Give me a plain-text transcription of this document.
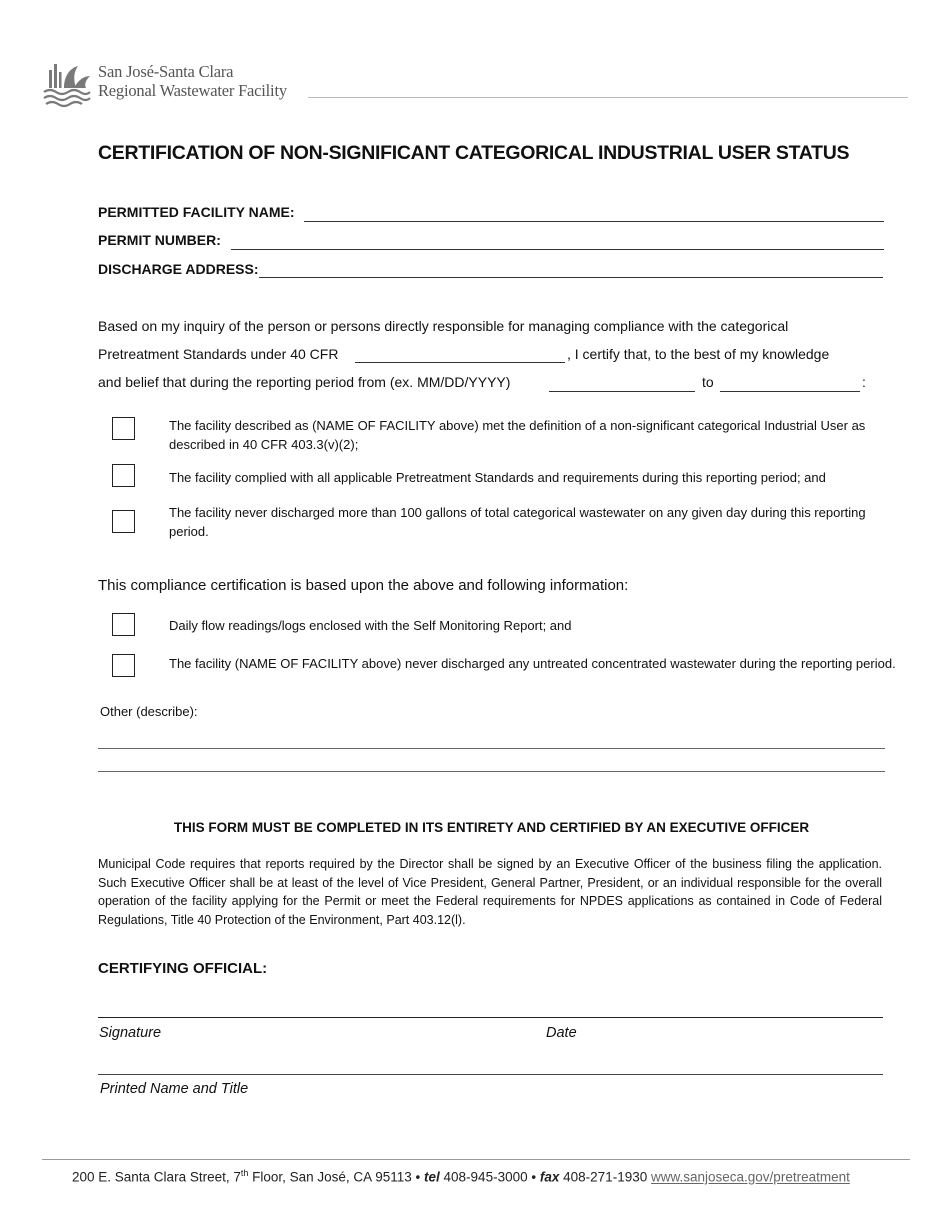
San José-Santa Clara
Regional Wastewater Facility
CERTIFICATION OF NON-SIGNIFICANT CATEGORICAL INDUSTRIAL USER STATUS
PERMITTED FACILITY NAME:
PERMIT NUMBER:
DISCHARGE ADDRESS:
Based on my inquiry of the person or persons directly responsible for managing compliance with the categorical
Pretreatment Standards under 40 CFR	, I certify that, to the best of my knowledge
and belief that during the reporting period from (ex. MM/DD/YYYY)	to	:
The facility described as (NAME OF FACILITY above) met the definition of a non-significant categorical Industrial User as described in 40 CFR 403.3(v)(2);
The facility complied with all applicable Pretreatment Standards and requirements during this reporting period; and
The facility never discharged more than 100 gallons of total categorical wastewater on any given day during this reporting period.
This compliance certification is based upon the above and following information:
Daily flow readings/logs enclosed with the Self Monitoring Report; and
The facility (NAME OF FACILITY above) never discharged any untreated concentrated wastewater during the reporting period.
Other (describe):
THIS FORM MUST BE COMPLETED IN ITS ENTIRETY AND CERTIFIED BY AN EXECUTIVE OFFICER
Municipal Code requires that reports required by the Director shall be signed by an Executive Officer of the business filing the application. Such Executive Officer shall be at least of the level of Vice President, General Partner, President, or an individual responsible for the overall operation of the facility applying for the Permit or meet the Federal requirements for NPDES applications as contained in Code of Federal Regulations, Title 40 Protection of the Environment, Part 403.12(l).
CERTIFYING OFFICIAL:
Signature	Date
Printed Name and Title
200 E. Santa Clara Street, 7th Floor, San José, CA 95113 • tel 408-945-3000 • fax 408-271-1930 www.sanjoseca.gov/pretreatment
